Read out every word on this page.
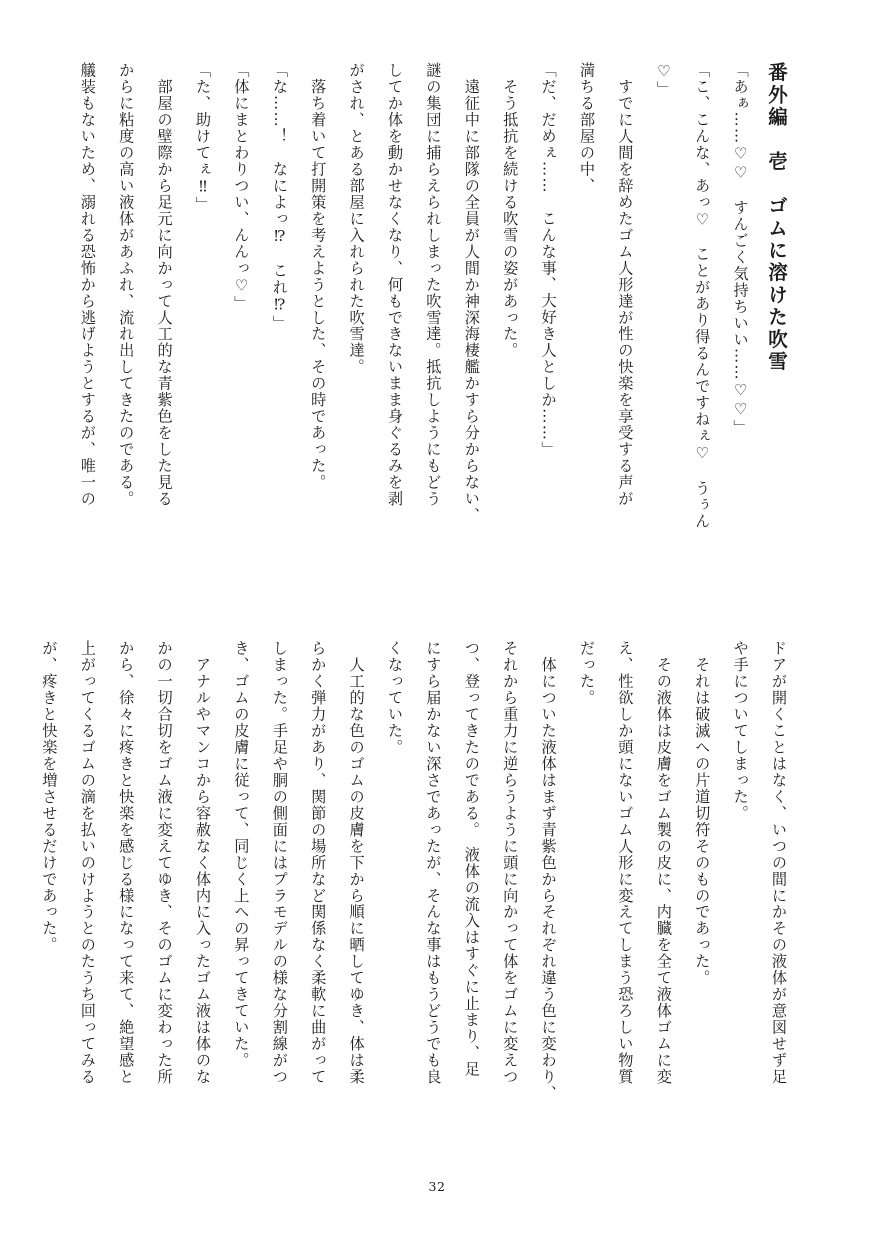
番外編　壱　ゴムに溶けた吹雪
「あぁ……♡♡　すんごく気持ちいい……♡♡」
「こ、こんな、あっ♡　ことがあり得るんですねぇ♡　うぅん
♡」
　すでに人間を辞めたゴム人形達が性の快楽を享受する声が
満ちる部屋の中、
「だ、だめぇ……　こんな事、大好き人としか……」
　そう抵抗を続ける吹雪の姿があった。
　遠征中に部隊の全員が人間か神深海棲艦かすら分からない、
謎の集団に捕らえられしまった吹雪達。抵抗しようにもどう
してか体を動かせなくなり、何もできないまま身ぐるみを剥
がされ、とある部屋に入れられた吹雪達。
　落ち着いて打開策を考えようとした、その時であった。
「な……！　なによっ⁉　これ⁉」
「体にまとわりつい、んんっ♡」
「た、助けてぇ‼」
　部屋の壁際から足元に向かって人工的な青紫色をした見る
からに粘度の高い液体があふれ、流れ出してきたのである。
艤装もないため、溺れる恐怖から逃げようとするが、唯一の
ドアが開くことはなく、いつの間にかその液体が意図せず足
や手についてしまった。
　それは破滅への片道切符そのものであった。
　その液体は皮膚をゴム製の皮に、内臓を全て液体ゴムに変
え、性欲しか頭にないゴム人形に変えてしまう恐ろしい物質
だった。
　体についた液体はまず青紫色からそれぞれ違う色に変わり、
それから重力に逆らうように頭に向かって体をゴムに変えつ
つ、登ってきたのである。　液体の流入はすぐに止まり、足
にすら届かない深さであったが、そんな事はもうどうでも良
くなっていた。
　人工的な色のゴムの皮膚を下から順に晒してゆき、体は柔
らかく弾力があり、関節の場所など関係なく柔軟に曲がって
しまった。手足や胴の側面にはプラモデルの様な分割線がつ
き、ゴムの皮膚に従って、同じく上への昇ってきていた。
　アナルやマンコから容赦なく体内に入ったゴム液は体のな
かの一切合切をゴム液に変えてゆき、そのゴムに変わった所
から、徐々に疼きと快楽を感じる様になって来て、絶望感と
上がってくるゴムの滴を払いのけようとのたうち回ってみる
が、疼きと快楽を増させるだけであった。
32
